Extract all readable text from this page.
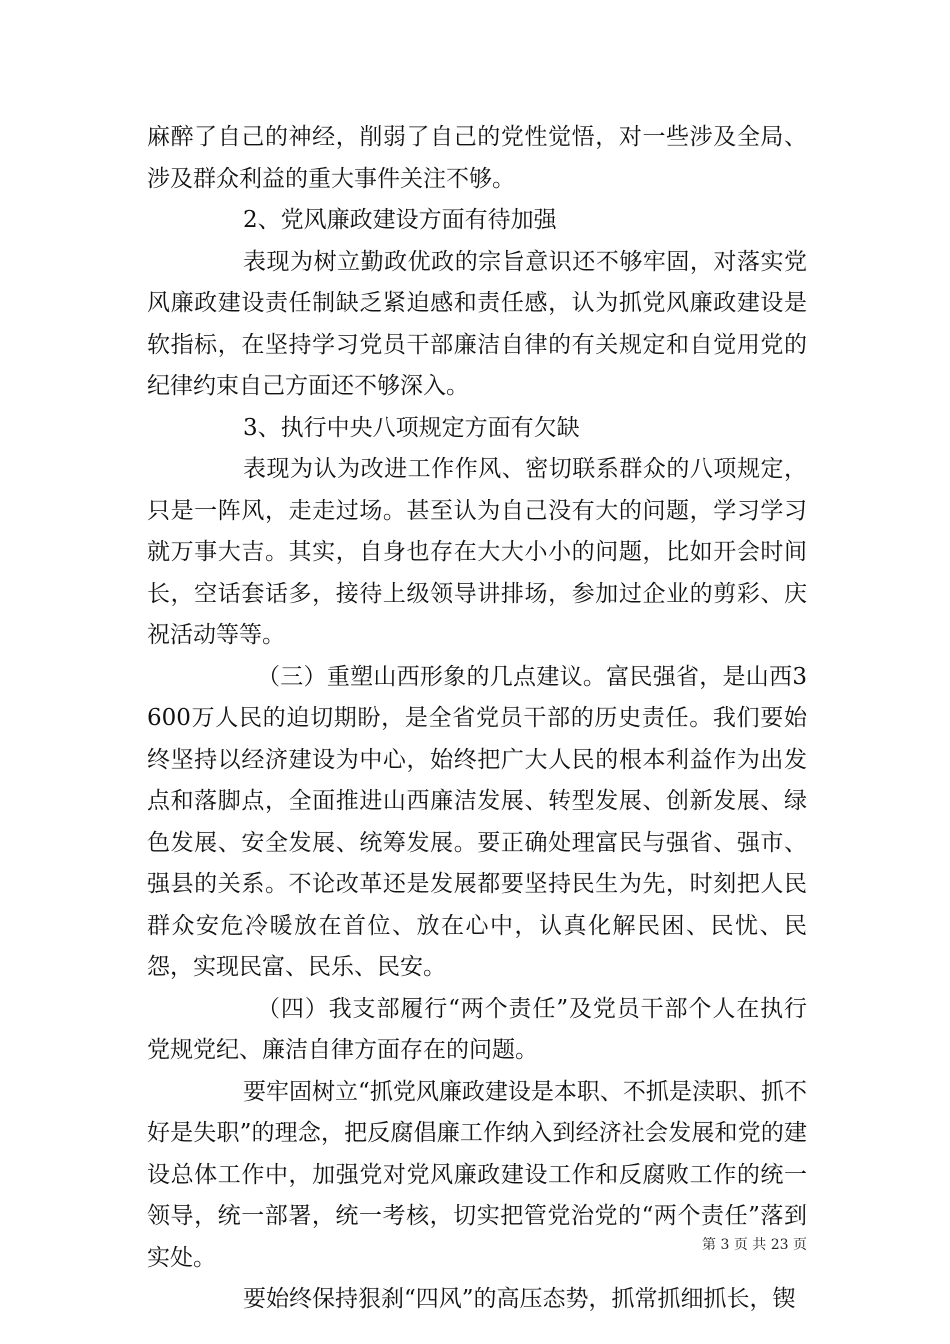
麻醉了自己的神经，削弱了自己的党性觉悟，对一些涉及全局、涉及群众利益的重大事件关注不够。

2、党风廉政建设方面有待加强

表现为树立勤政优政的宗旨意识还不够牢固，对落实党风廉政建设责任制缺乏紧迫感和责任感，认为抓党风廉政建设是软指标，在坚持学习党员干部廉洁自律的有关规定和自觉用党的纪律约束自己方面还不够深入。

3、执行中央八项规定方面有欠缺

表现为认为改进工作作风、密切联系群众的八项规定，只是一阵风，走走过场。甚至认为自己没有大的问题，学习学习就万事大吉。其实，自身也存在大大小小的问题，比如开会时间长，空话套话多，接待上级领导讲排场，参加过企业的剪彩、庆祝活动等等。

（三）重塑山西形象的几点建议。富民强省，是山西3600万人民的迫切期盼，是全省党员干部的历史责任。我们要始终坚持以经济建设为中心，始终把广大人民的根本利益作为出发点和落脚点，全面推进山西廉洁发展、转型发展、创新发展、绿色发展、安全发展、统筹发展。要正确处理富民与强省、强市、强县的关系。不论改革还是发展都要坚持民生为先，时刻把人民群众安危冷暖放在首位、放在心中，认真化解民困、民忧、民怨，实现民富、民乐、民安。

（四）我支部履行“两个责任”及党员干部个人在执行党规党纪、廉洁自律方面存在的问题。

要牢固树立“抓党风廉政建设是本职、不抓是渎职、抓不好是失职”的理念，把反腐倡廉工作纳入到经济社会发展和党的建设总体工作中，加强党对党风廉政建设工作和反腐败工作的统一领导，统一部署，统一考核，切实把管党治党的“两个责任”落到实处。

要始终保持狠刹“四风”的高压态势，抓常抓细抓长，锲

第 3 页 共 23 页
